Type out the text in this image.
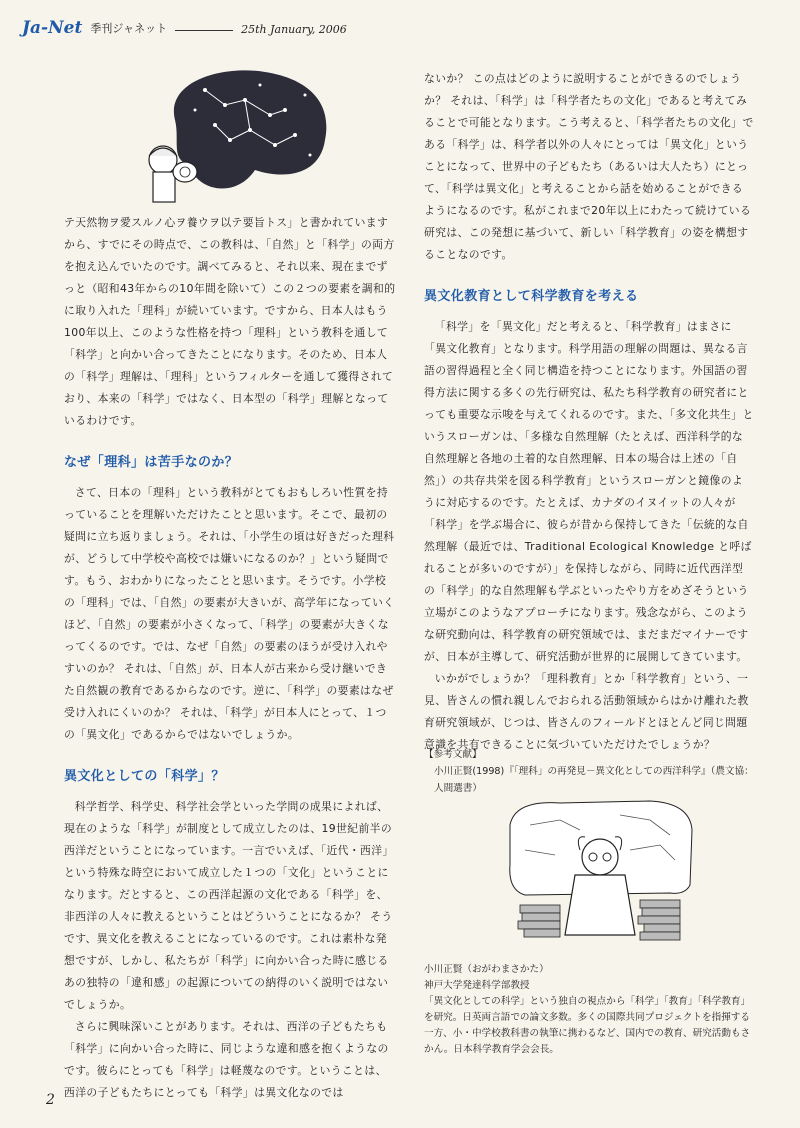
Ja-Net 季刊ジャネット	25th January, 2006

テ天然物ヲ愛スルノ心ヲ養ウヲ以テ要旨トス」と書かれていますから、すでにその時点で、この教科は、「自然」と「科学」の両方を抱え込んでいたのです。調べてみると、それ以来、現在までずっと（昭和43年からの10年間を除いて）この２つの要素を調和的に取り入れた「理科」が続いています。ですから、日本人はもう100年以上、このような性格を持つ「理科」という教科を通して「科学」と向かい合ってきたことになります。そのため、日本人の「科学」理解は、「理科」というフィルターを通して獲得されており、本来の「科学」ではなく、日本型の「科学」理解となっているわけです。

なぜ「理科」は苦手なのか？

さて、日本の「理科」という教科がとてもおもしろい性質を持っていることを理解いただけたことと思います。そこで、最初の疑問に立ち返りましょう。それは、「小学生の頃は好きだった理科が、どうして中学校や高校では嫌いになるのか？」という疑問です。もう、おわかりになったことと思います。そうです。小学校の「理科」では、「自然」の要素が大きいが、高学年になっていくほど、「自然」の要素が小さくなって、「科学」の要素が大きくなってくるのです。では、なぜ「自然」の要素のほうが受け入れやすいのか？ それは、「自然」が、日本人が古来から受け継いできた自然観の教育であるからなのです。逆に、「科学」の要素はなぜ受け入れにくいのか？ それは、「科学」が日本人にとって、１つの「異文化」であるからではないでしょうか。

異文化としての「科学」？

科学哲学、科学史、科学社会学といった学問の成果によれば、現在のような「科学」が制度として成立したのは、19世紀前半の西洋だということになっています。一言でいえば、「近代・西洋」という特殊な時空において成立した１つの「文化」ということになります。だとすると、この西洋起源の文化である「科学」を、非西洋の人々に教えるということはどういうことになるか？ そうです、異文化を教えることになっているのです。これは素朴な発想ですが、しかし、私たちが「科学」に向かい合った時に感じるあの独特の「違和感」の起源についての納得のいく説明ではないでしょうか。

さらに興味深いことがあります。それは、西洋の子どもたちも「科学」に向かい合った時に、同じような違和感を抱くようなのです。彼らにとっても「科学」は軽蔑なのです。ということは、西洋の子どもたちにとっても「科学」は異文化なのでは

ないか？ この点はどのように説明することができるのでしょうか？ それは、「科学」は「科学者たちの文化」であると考えてみることで可能となります。こう考えると、「科学者たちの文化」である「科学」は、科学者以外の人々にとっては「異文化」ということになって、世界中の子どもたち（あるいは大人たち）にとって、「科学は異文化」と考えることから話を始めることができるようになるのです。私がこれまで20年以上にわたって続けている研究は、この発想に基づいて、新しい「科学教育」の姿を構想することなのです。

異文化教育として科学教育を考える

「科学」を「異文化」だと考えると、「科学教育」はまさに「異文化教育」となります。科学用語の理解の問題は、異なる言語の習得過程と全く同じ構造を持つことになります。外国語の習得方法に関する多くの先行研究は、私たち科学教育の研究者にとっても重要な示唆を与えてくれるのです。また、「多文化共生」というスローガンは、「多様な自然理解（たとえば、西洋科学的な自然理解と各地の土着的な自然理解、日本の場合は上述の「自然」）の共存共栄を図る科学教育」というスローガンと鏡像のように対応するのです。たとえば、カナダのイヌイットの人々が「科学」を学ぶ場合に、彼らが昔から保持してきた「伝統的な自然理解（最近では、Traditional Ecological Knowledge と呼ばれることが多いのですが）」を保持しながら、同時に近代西洋型の「科学」的な自然理解も学ぶといったやり方をめざそうという立場がこのようなアプローチになります。残念ながら、このような研究動向は、科学教育の研究領域では、まだまだマイナーですが、日本が主導して、研究活動が世界的に展開してきています。

いかがでしょうか？「理科教育」とか「科学教育」という、一見、皆さんの慣れ親しんでおられる活動領域からはかけ離れた教育研究領域が、じつは、皆さんのフィールドとほとんど同じ問題意識を共有できることに気づいていただけたでしょうか？

【参考文献】
小川正賢(1998)『「理科」の再発見－異文化としての西洋科学』（農文協：人間選書）
小川正賢（おがわまさかた）
神戸大学発達科学部教授
「異文化としての科学」という独自の視点から「科学」「教育」「科学教育」を研究。日英両言語での論文多数。多くの国際共同プロジェクトを指揮する一方、小・中学校教科書の執筆に携わるなど、国内での教育、研究活動もさかん。日本科学教育学会会長。
2
